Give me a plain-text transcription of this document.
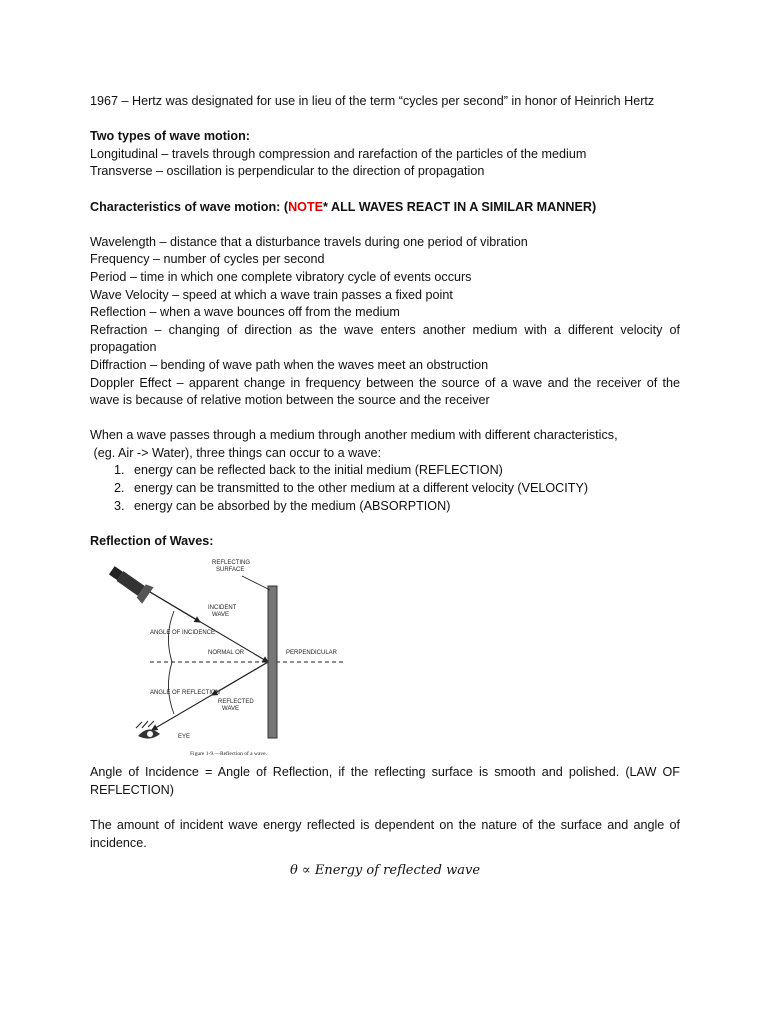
1967 – Hertz was designated for use in lieu of the term “cycles per second” in honor of Heinrich Hertz

Two types of wave motion:

Longitudinal – travels through compression and rarefaction of the particles of the medium

Transverse – oscillation is perpendicular to the direction of propagation

Characteristics of wave motion: (NOTE* ALL WAVES REACT IN A SIMILAR MANNER)

Wavelength – distance that a disturbance travels during one period of vibration

Frequency – number of cycles per second

Period – time in which one complete vibratory cycle of events occurs

Wave Velocity – speed at which a wave train passes a fixed point

Reflection – when a wave bounces off from the medium

Refraction – changing of direction as the wave enters another medium with a different velocity of propagation

Diffraction – bending of wave path when the waves meet an obstruction

Doppler Effect – apparent change in frequency between the source of a wave and the receiver of the wave is because of relative motion between the source and the receiver

When a wave passes through a medium through another medium with different characteristics,

(eg. Air -> Water), three things can occur to a wave:

1. energy can be reflected back to the initial medium (REFLECTION)
2. energy can be transmitted to the other medium at a different velocity (VELOCITY)
3. energy can be absorbed by the medium (ABSORPTION)

Reflection of Waves:

REFLECTING SURFACE INCIDENT WAVE ANGLE OF INCIDENCE NORMAL OR	PERPENDICULAR ANGLE OF REFLECTION REFLECTED WAVE EYE
Figure 1-9.—Reflection of a wave.

Angle of Incidence = Angle of Reflection, if the reflecting surface is smooth and polished. (LAW OF REFLECTION)

The amount of incident wave energy reflected is dependent on the nature of the surface and angle of incidence.

θ ∝ Energy of reflected wave
